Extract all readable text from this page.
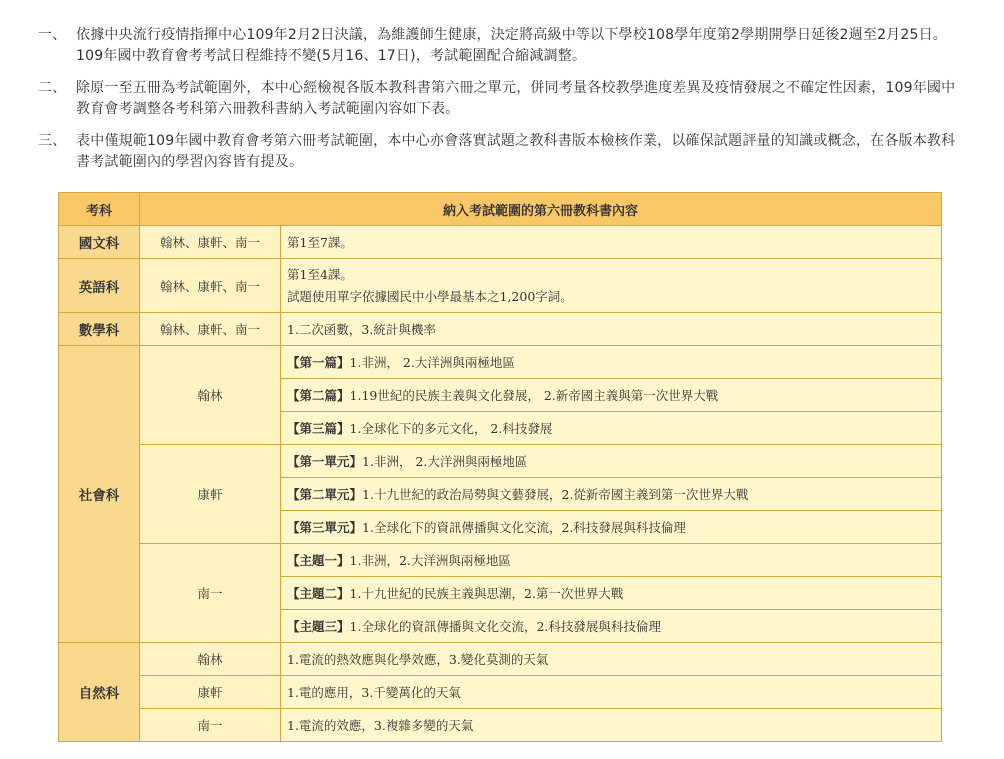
一、 依據中央流行疫情指揮中心109年2月2日決議，為維護師生健康，決定將高級中等以下學校108學年度第2學期開學日延後2週至2月25日。109年國中教育會考考試日程維持不變(5月16、17日)，考試範圍配合縮減調整。
二、 除原一至五冊為考試範圍外，本中心經檢視各版本教科書第六冊之單元，併同考量各校教學進度差異及疫情發展之不確定性因素，109年國中教育會考調整各考科第六冊教科書納入考試範圍內容如下表。
三、 表中僅規範109年國中教育會考第六冊考試範圍，本中心亦會落實試題之教科書版本檢核作業，以確保試題評量的知識或概念，在各版本教科書考試範圍內的學習內容皆有提及。
考科	納入考試範圍的第六冊教科書內容	
國文科	翰林、康軒、南一	第1至7課。
英語科	翰林、康軒、南一	第1至4課。
試題使用單字依據國民中小學最基本之1,200字詞。

數學科	翰林、康軒、南一	1.二次函數，3.統計與機率
社會科	翰林	【第一篇】1.非洲， 2.大洋洲與兩極地區
		【第二篇】1.19世紀的民族主義與文化發展， 2.新帝國主義與第一次世界大戰
		【第三篇】1.全球化下的多元文化， 2.科技發展
	康軒	【第一單元】1.非洲， 2.大洋洲與兩極地區
		【第二單元】1.十九世紀的政治局勢與文藝發展，2.從新帝國主義到第一次世界大戰
		【第三單元】1.全球化下的資訊傳播與文化交流，2.科技發展與科技倫理
	南一	【主題一】1.非洲，2.大洋洲與兩極地區
		【主題二】1.十九世紀的民族主義與思潮，2.第一次世界大戰
		【主題三】1.全球化的資訊傳播與文化交流，2.科技發展與科技倫理
自然科	翰林	1.電流的熱效應與化學效應，3.變化莫測的天氣
	康軒	1.電的應用，3.千變萬化的天氣
	南一	1.電流的效應，3.複雜多變的天氣
